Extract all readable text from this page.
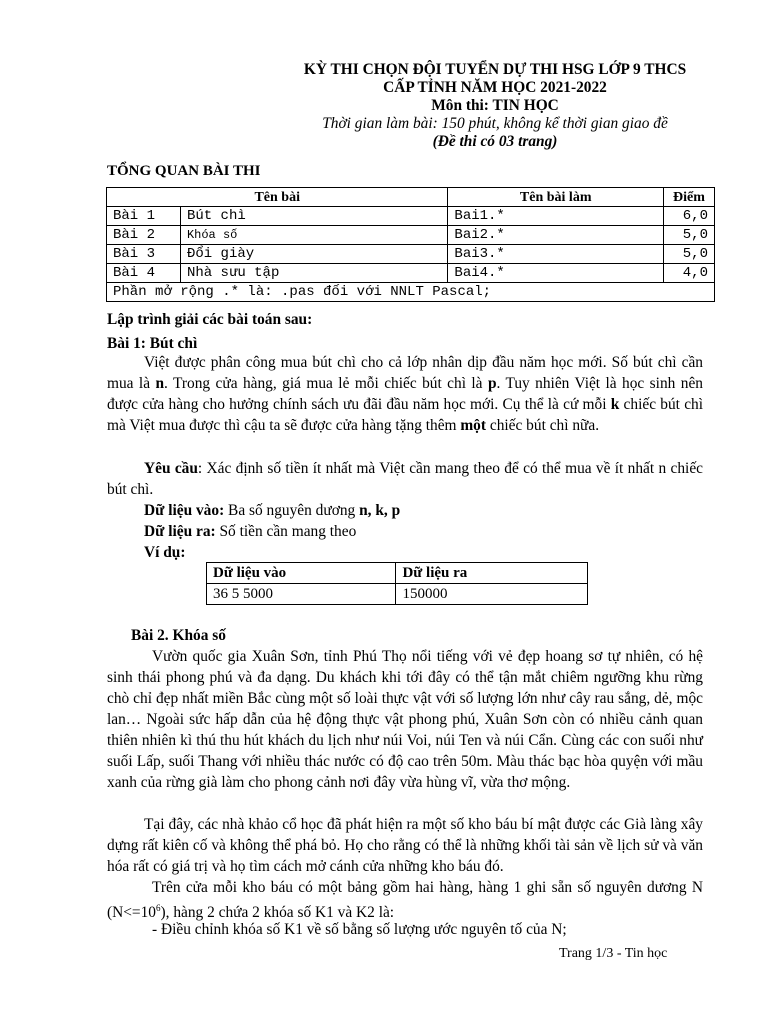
KỲ THI CHỌN ĐỘI TUYỂN DỰ THI HSG LỚP 9 THCS
CẤP TỈNH NĂM HỌC 2021-2022
Môn thi: TIN HỌC
Thời gian làm bài: 150 phút, không kể thời gian giao đề
(Đề thi có 03 trang)
TỔNG QUAN BÀI THI
Tên bài		Tên bài làm	Điểm
Bài 1	Bút chì	Bai1.*	6,0
Bài 2	Khóa số	Bai2.*	5,0
Bài 3	Đổi giày	Bai3.*	5,0
Bài 4	Nhà sưu tập	Bai4.*	4,0
Phần mở rộng .* là: .pas đối với NNLT Pascal;			
Lập trình giải các bài toán sau:
Bài 1: Bút chì
Việt được phân công mua bút chì cho cả lớp nhân dịp đầu năm học mới. Số bút chì cần mua là n. Trong cửa hàng, giá mua lẻ mỗi chiếc bút chì là p. Tuy nhiên Việt là học sinh nên được cửa hàng cho hưởng chính sách ưu đãi đầu năm học mới. Cụ thể là cứ mỗi k chiếc bút chì mà Việt mua được thì cậu ta sẽ được cửa hàng tặng thêm một chiếc bút chì nữa.
Yêu cầu: Xác định số tiền ít nhất mà Việt cần mang theo để có thể mua về ít nhất n chiếc bút chì.
Dữ liệu vào: Ba số nguyên dương n, k, p
Dữ liệu ra: Số tiền cần mang theo
Ví dụ:
Dữ liệu vào	Dữ liệu ra
36 5 5000	150000
Bài 2. Khóa số
Vườn quốc gia Xuân Sơn, tỉnh Phú Thọ nổi tiếng với vẻ đẹp hoang sơ tự nhiên, có hệ sinh thái phong phú và đa dạng. Du khách khi tới đây có thể tận mắt chiêm ngưỡng khu rừng chò chỉ đẹp nhất miền Bắc cùng một số loài thực vật với số lượng lớn như cây rau sắng, dẻ, mộc lan… Ngoài sức hấp dẫn của hệ động thực vật phong phú, Xuân Sơn còn có nhiều cảnh quan thiên nhiên kì thú thu hút khách du lịch như núi Voi, núi Ten và núi Cẩn. Cùng các con suối như suối Lấp, suối Thang với nhiều thác nước có độ cao trên 50m. Màu thác bạc hòa quyện với mầu xanh của rừng già làm cho phong cảnh nơi đây vừa hùng vĩ, vừa thơ mộng.
Tại đây, các nhà khảo cổ học đã phát hiện ra một số kho báu bí mật được các Già làng xây dựng rất kiên cố và không thể phá bỏ. Họ cho rằng có thể là những khối tài sản về lịch sử và văn hóa rất có giá trị và họ tìm cách mở cánh cửa những kho báu đó.
Trên cửa mỗi kho báu có một bảng gồm hai hàng, hàng 1 ghi sẵn số nguyên dương N $(N<=10^6)$, hàng 2 chứa 2 khóa số K1 và K2 là:
- Điều chỉnh khóa số K1 về số bằng số lượng ước nguyên tố của N;
Trang 1/3 - Tin học
